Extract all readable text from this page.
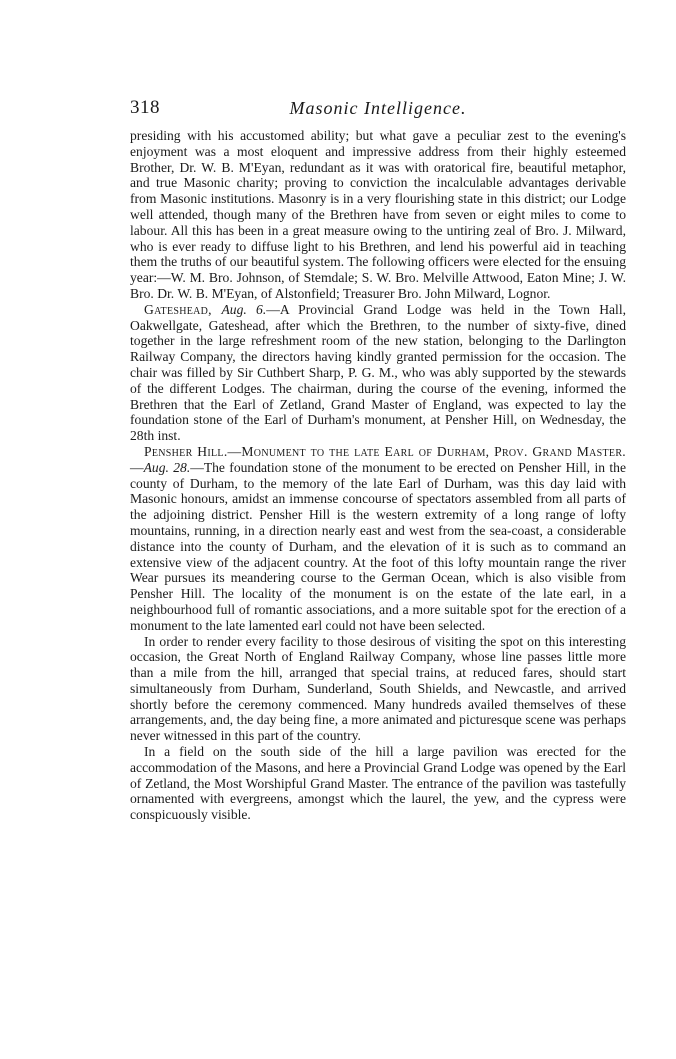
318	Masonic Intelligence.

presiding with his accustomed ability; but what gave a peculiar zest to the evening's enjoyment was a most eloquent and impressive address from their highly esteemed Brother, Dr. W. B. M'Eyan, redundant as it was with oratorical fire, beautiful metaphor, and true Masonic charity; proving to conviction the incalculable advantages derivable from Masonic institutions. Masonry is in a very flourishing state in this district; our Lodge well attended, though many of the Brethren have from seven or eight miles to come to labour. All this has been in a great measure owing to the untiring zeal of Bro. J. Milward, who is ever ready to diffuse light to his Brethren, and lend his powerful aid in teaching them the truths of our beautiful system. The following officers were elected for the ensuing year:—W. M. Bro. Johnson, of Stemdale; S. W. Bro. Melville Attwood, Eaton Mine; J. W. Bro. Dr. W. B. M'Eyan, of Alstonfield; Treasurer Bro. John Milward, Lognor.

Gateshead, Aug. 6.—A Provincial Grand Lodge was held in the Town Hall, Oakwellgate, Gateshead, after which the Brethren, to the number of sixty-five, dined together in the large refreshment room of the new station, belonging to the Darlington Railway Company, the directors having kindly granted permission for the occasion. The chair was filled by Sir Cuthbert Sharp, P. G. M., who was ably supported by the stewards of the different Lodges. The chairman, during the course of the evening, informed the Brethren that the Earl of Zetland, Grand Master of England, was expected to lay the foundation stone of the Earl of Durham's monument, at Pensher Hill, on Wednesday, the 28th inst.

Pensher Hill.—Monument to the late Earl of Durham, Prov. Grand Master.—Aug. 28.—The foundation stone of the monument to be erected on Pensher Hill, in the county of Durham, to the memory of the late Earl of Durham, was this day laid with Masonic honours, amidst an immense concourse of spectators assembled from all parts of the adjoining district. Pensher Hill is the western extremity of a long range of lofty mountains, running, in a direction nearly east and west from the sea-coast, a considerable distance into the county of Durham, and the elevation of it is such as to command an extensive view of the adjacent country. At the foot of this lofty mountain range the river Wear pursues its meandering course to the German Ocean, which is also visible from Pensher Hill. The locality of the monument is on the estate of the late earl, in a neighbourhood full of romantic associations, and a more suitable spot for the erection of a monument to the late lamented earl could not have been selected.

In order to render every facility to those desirous of visiting the spot on this interesting occasion, the Great North of England Railway Company, whose line passes little more than a mile from the hill, arranged that special trains, at reduced fares, should start simultaneously from Durham, Sunderland, South Shields, and Newcastle, and arrived shortly before the ceremony commenced. Many hundreds availed themselves of these arrangements, and, the day being fine, a more animated and picturesque scene was perhaps never witnessed in this part of the country.

In a field on the south side of the hill a large pavilion was erected for the accommodation of the Masons, and here a Provincial Grand Lodge was opened by the Earl of Zetland, the Most Worshipful Grand Master. The entrance of the pavilion was tastefully ornamented with evergreens, amongst which the laurel, the yew, and the cypress were conspicuously visible.
